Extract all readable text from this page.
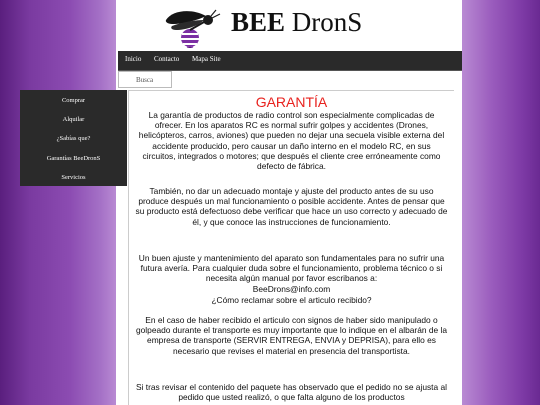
BEE DronS
Inicio Contacto Mapa Site
Busca
Comprar
Alquilar
¿Sabías que?
Garantías BeeDronS
Servicios
GARANTÍA

La garantía de productos de radio control son especialmente complicadas de ofrecer. En los aparatos RC es normal sufrir golpes y accidentes (Drones, helicópteros, carros, aviones) que pueden no dejar una secuela visible externa del accidente producido, pero causar un daño interno en el modelo RC, en sus circuitos, integrados o motores; que después el cliente cree erróneamente como defecto de fábrica.

También, no dar un adecuado montaje y ajuste del producto antes de su uso produce después un mal funcionamiento o posible accidente. Antes de pensar que su producto está defectuoso debe verificar que hace un uso correcto y adecuado de él, y que conoce las instrucciones de funcionamiento.

Un buen ajuste y mantenimiento del aparato son fundamentales para no sufrir una futura avería. Para cualquier duda sobre el funcionamiento, problema técnico o si necesita algún manual por favor escribanos a:

BeeDrons@info.com

¿Cómo reclamar sobre el articulo recibido?

En el caso de haber recibido el articulo con signos de haber sido manipulado o golpeado durante el transporte es muy importante que lo indique en el albarán de la empresa de transporte (SERVIR ENTREGA, ENVIA y DEPRISA), para ello es necesario que revises el material en presencia del transportista.

Si tras revisar el contenido del paquete has observado que el pedido no se ajusta al pedido que usted realizó, o que falta alguno de los productos
